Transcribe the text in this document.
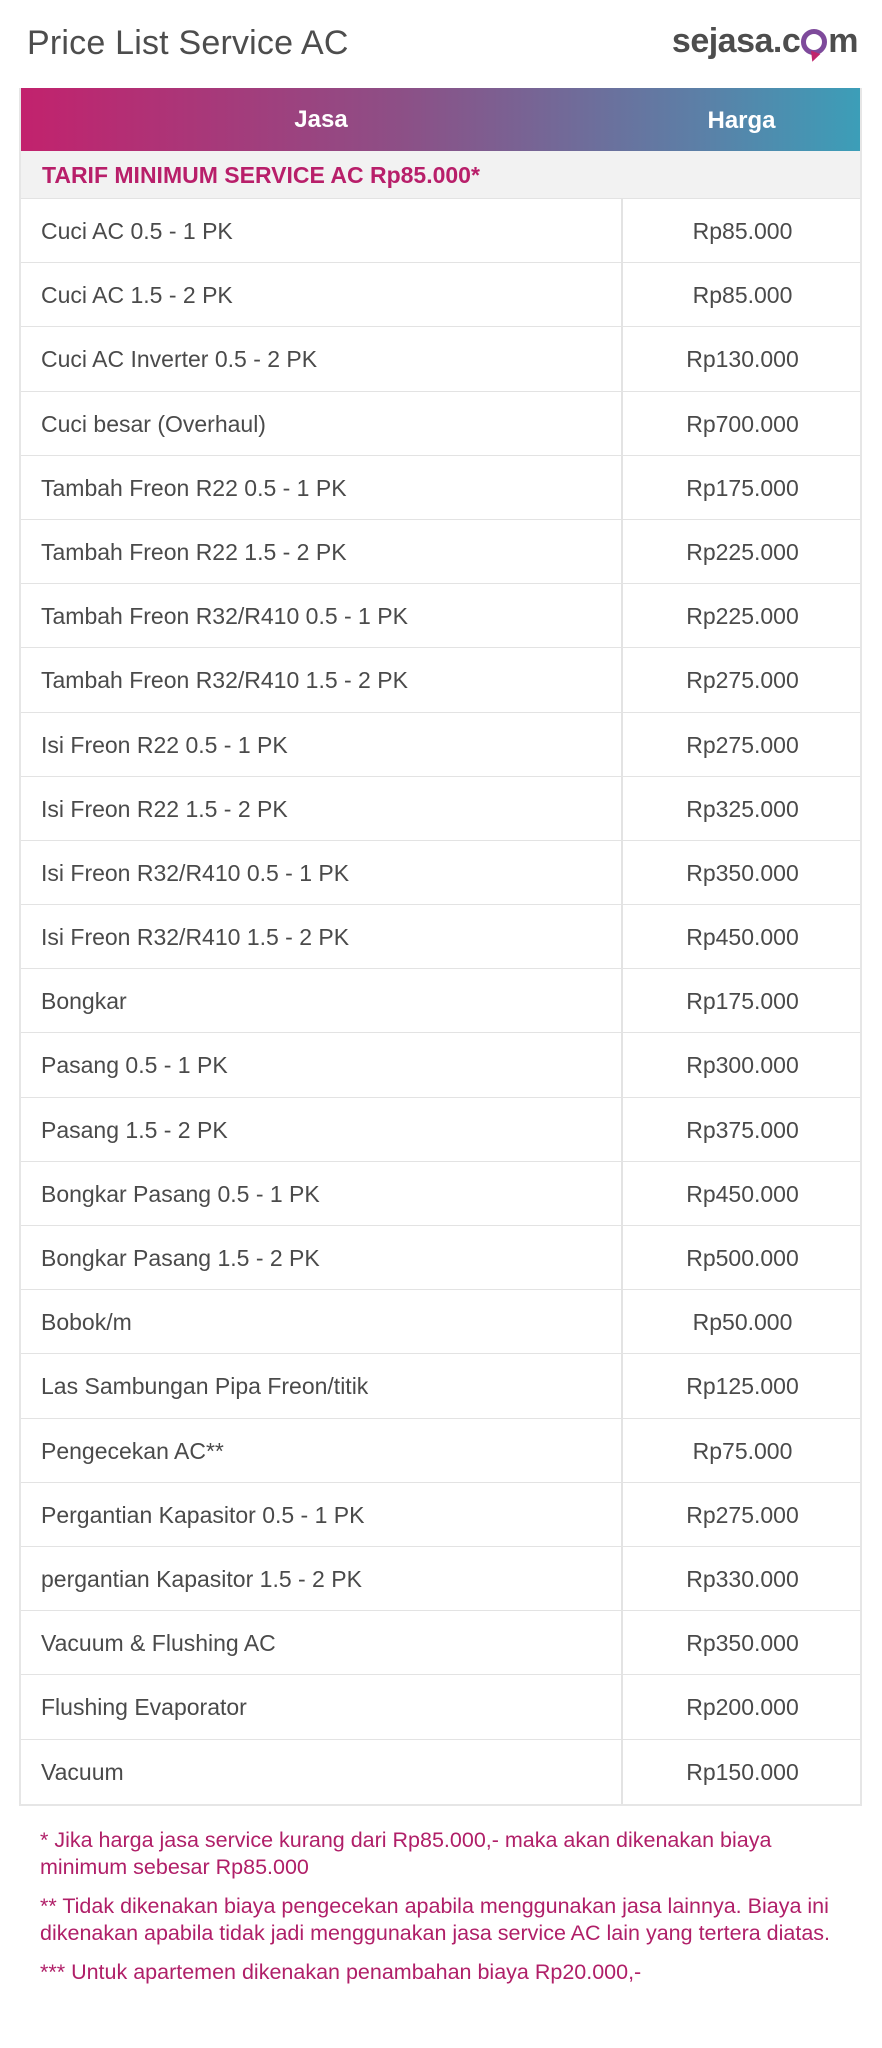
Price List Service AC	sejasa.c m
Jasa	Harga
TARIF MINIMUM SERVICE AC Rp85.000*
Cuci AC 0.5 - 1 PK	Rp85.000
Cuci AC 1.5 - 2 PK	Rp85.000
Cuci AC Inverter 0.5 - 2 PK	Rp130.000
Cuci besar (Overhaul)	Rp700.000
Tambah Freon R22 0.5 - 1 PK	Rp175.000
Tambah Freon R22 1.5 - 2 PK	Rp225.000
Tambah Freon R32/R410 0.5 - 1 PK	Rp225.000
Tambah Freon R32/R410 1.5 - 2 PK	Rp275.000
Isi Freon R22 0.5 - 1 PK	Rp275.000
Isi Freon R22 1.5 - 2 PK	Rp325.000
Isi Freon R32/R410 0.5 - 1 PK	Rp350.000
Isi Freon R32/R410 1.5 - 2 PK	Rp450.000
Bongkar	Rp175.000
Pasang 0.5 - 1 PK	Rp300.000
Pasang 1.5 - 2 PK	Rp375.000
Bongkar Pasang 0.5 - 1 PK	Rp450.000
Bongkar Pasang 1.5 - 2 PK	Rp500.000
Bobok/m	Rp50.000
Las Sambungan Pipa Freon/titik	Rp125.000
Pengecekan AC**	Rp75.000
Pergantian Kapasitor 0.5 - 1 PK	Rp275.000
pergantian Kapasitor 1.5 - 2 PK	Rp330.000
Vacuum & Flushing AC	Rp350.000
Flushing Evaporator	Rp200.000
Vacuum	Rp150.000

* Jika harga jasa service kurang dari Rp85.000,- maka akan dikenakan biaya minimum sebesar Rp85.000

** Tidak dikenakan biaya pengecekan apabila menggunakan jasa lainnya. Biaya ini dikenakan apabila tidak jadi menggunakan jasa service AC lain yang tertera diatas.

*** Untuk apartemen dikenakan penambahan biaya Rp20.000,-
